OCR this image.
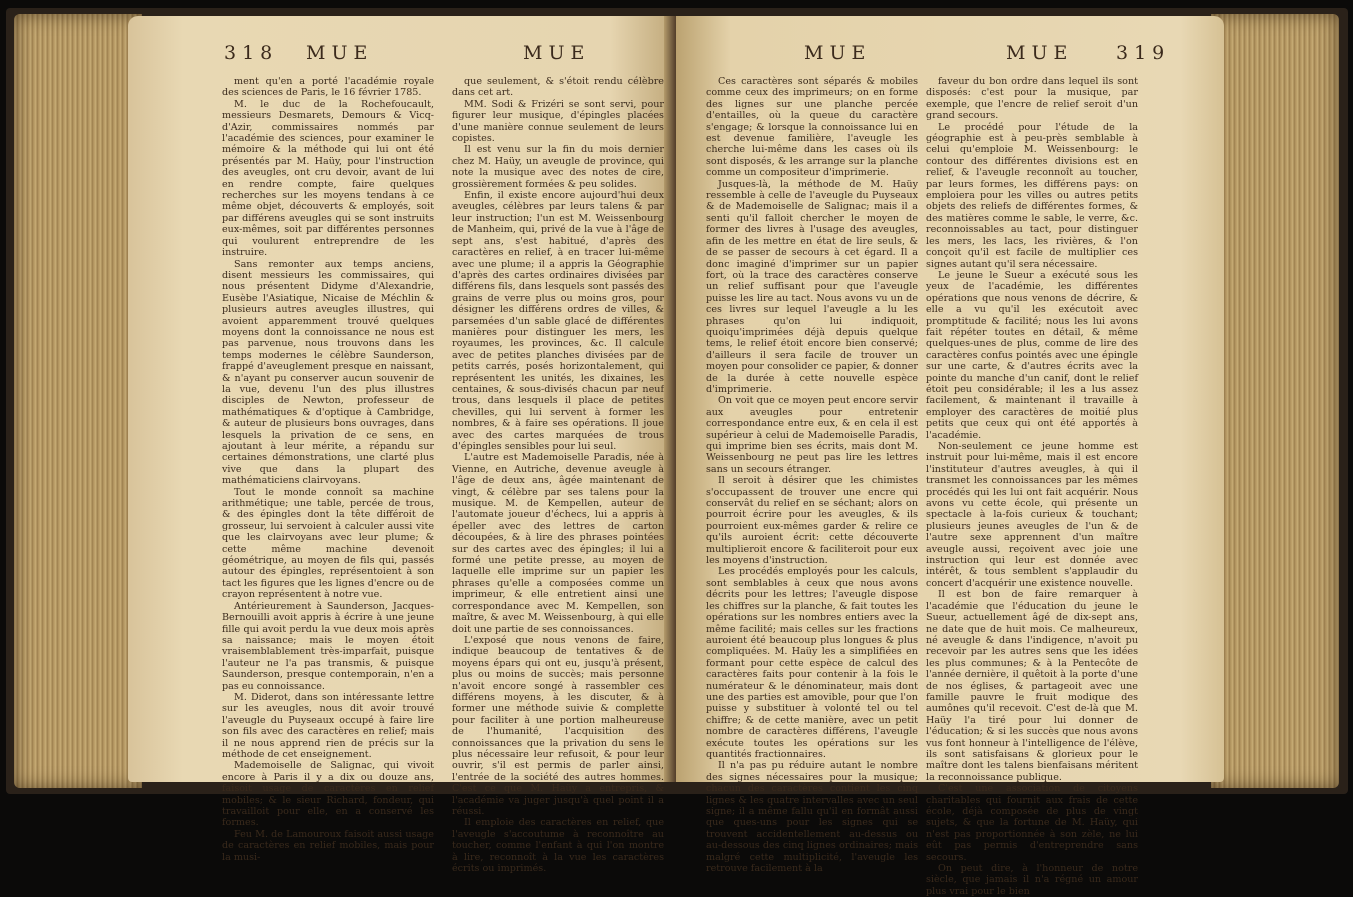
318 MUE	MUE

ment qu'en a porté l'académie royale des sciences de Paris, le 16 février 1785.

M. le duc de la Rochefoucault, messieurs Desmarets, Demours & Vicq-d'Azir, commissaires nommés par l'académie des sciences, pour examiner le mémoire & la méthode qui lui ont été présentés par M. Haüy, pour l'instruction des aveugles, ont cru devoir, avant de lui en rendre compte, faire quelques recherches sur les moyens tendans à ce même objet, découverts & employés, soit par différens aveugles qui se sont instruits eux-mêmes, soit par différentes personnes qui voulurent entreprendre de les instruire.

Sans remonter aux temps anciens, disent messieurs les commissaires, qui nous présentent Didyme d'Alexandrie, Eusèbe l'Asiatique, Nicaise de Méchlin & plusieurs autres aveugles illustres, qui avoient apparemment trouvé quelques moyens dont la connoissance ne nous est pas parvenue, nous trouvons dans les temps modernes le célèbre Saunderson, frappé d'aveuglement presque en naissant, & n'ayant pu conserver aucun souvenir de la vue, devenu l'un des plus illustres disciples de Newton, professeur de mathématiques & d'optique à Cambridge, & auteur de plusieurs bons ouvrages, dans lesquels la privation de ce sens, en ajoutant à leur mérite, a répandu sur certaines démonstrations, une clarté plus vive que dans la plupart des mathématiciens clairvoyans.

Tout le monde connoît sa machine arithmétique; une table, percée de trous, & des épingles dont la tête différoit de grosseur, lui servoient à calculer aussi vite que les clairvoyans avec leur plume; & cette même machine devenoit géométrique, au moyen de fils qui, passés autour des épingles, représentoient à son tact les figures que les lignes d'encre ou de crayon représentent à notre vue.

Antérieurement à Saunderson, Jacques-Bernouilli avoit appris à écrire à une jeune fille qui avoit perdu la vue deux mois après sa naissance; mais le moyen étoit vraisemblablement très-imparfait, puisque l'auteur ne l'a pas transmis, & puisque Saunderson, presque contemporain, n'en a pas eu connoissance.

M. Diderot, dans son intéressante lettre sur les aveugles, nous dit avoir trouvé l'aveugle du Puyseaux occupé à faire lire son fils avec des caractères en relief; mais il ne nous apprend rien de précis sur la méthode de cet enseignement.

Mademoiselle de Salignac, qui vivoit encore à Paris il y a dix ou douze ans, faisoit usage de caractères en relief mobiles; & le sieur Richard, fondeur, qui travailloit pour elle, en a conservé les formes.

Feu M. de Lamouroux faisoit aussi usage de caractères en relief mobiles, mais pour la musi-

que seulement, & s'étoit rendu célèbre dans cet art.

MM. Sodi & Frizéri se sont servi, pour figurer leur musique, d'épingles placées d'une manière connue seulement de leurs copistes.

Il est venu sur la fin du mois dernier chez M. Haüy, un aveugle de province, qui note la musique avec des notes de cire, grossièrement formées & peu solides.

Enfin, il existe encore aujourd'hui deux aveugles, célèbres par leurs talens & par leur instruction; l'un est M. Weissenbourg de Manheim, qui, privé de la vue à l'âge de sept ans, s'est habitué, d'après des caractères en relief, à en tracer lui-même avec une plume; il a appris la Géographie d'après des cartes ordinaires divisées par différens fils, dans lesquels sont passés des grains de verre plus ou moins gros, pour désigner les différens ordres de villes, & parsemées d'un sable glacé de différentes manières pour distinguer les mers, les royaumes, les provinces, &c. Il calcule avec de petites planches divisées par de petits carrés, posés horizontalement, qui représentent les unités, les dixaines, les centaines, & sous-divisés chacun par neuf trous, dans lesquels il place de petites chevilles, qui lui servent à former les nombres, & à faire ses opérations. Il joue avec des cartes marquées de trous d'épingles sensibles pour lui seul.

L'autre est Mademoiselle Paradis, née à Vienne, en Autriche, devenue aveugle à l'âge de deux ans, âgée maintenant de vingt, & célèbre par ses talens pour la musique. M. de Kempellen, auteur de l'automate joueur d'échecs, lui a appris à épeller avec des lettres de carton découpées, & à lire des phrases pointées sur des cartes avec des épingles; il lui a formé une petite presse, au moyen de laquelle elle imprime sur un papier les phrases qu'elle a composées comme un imprimeur, & elle entretient ainsi une correspondance avec M. Kempellen, son maître, & avec M. Weissenbourg, à qui elle doit une partie de ses connoissances.

L'exposé que nous venons de faire, indique beaucoup de tentatives & de moyens épars qui ont eu, jusqu'à présent, plus ou moins de succès; mais personne n'avoit encore songé à rassembler ces différens moyens, à les discuter, & à former une méthode suivie & complette pour faciliter à une portion malheureuse de l'humanité, l'acquisition des connoissances que la privation du sens le plus nécessaire leur refusoit, & pour leur ouvrir, s'il est permis de parler ainsi, l'entrée de la société des autres hommes. C'est ce que M. Haüy a entrepris, & l'académie va juger jusqu'à quel point il a réussi.

Il emploie des caractères en relief, que l'aveugle s'accoutume à reconnoître au toucher, comme l'enfant à qui l'on montre à lire, reconnoît à la vue les caractères écrits ou imprimés.

MUE	MUE 319

Ces caractères sont séparés & mobiles comme ceux des imprimeurs; on en forme des lignes sur une planche percée d'entailles, où la queue du caractère s'engage; & lorsque la connoissance lui en est devenue familière, l'aveugle les cherche lui-même dans les cases où ils sont disposés, & les arrange sur la planche comme un compositeur d'imprimerie.

Jusques-là, la méthode de M. Haüy ressemble à celle de l'aveugle du Puyseaux & de Mademoiselle de Salignac; mais il a senti qu'il falloit chercher le moyen de former des livres à l'usage des aveugles, afin de les mettre en état de lire seuls, & de se passer de secours à cet égard. Il a donc imaginé d'imprimer sur un papier fort, où la trace des caractères conserve un relief suffisant pour que l'aveugle puisse les lire au tact. Nous avons vu un de ces livres sur lequel l'aveugle a lu les phrases qu'on lui indiquoit, quoiqu'imprimées déjà depuis quelque tems, le relief étoit encore bien conservé; d'ailleurs il sera facile de trouver un moyen pour consolider ce papier, & donner de la durée à cette nouvelle espèce d'imprimerie.

On voit que ce moyen peut encore servir aux aveugles pour entretenir correspondance entre eux, & en cela il est supérieur à celui de Mademoiselle Paradis, qui imprime bien ses écrits, mais dont M. Weissenbourg ne peut pas lire les lettres sans un secours étranger.

Il seroit à désirer que les chimistes s'occupassent de trouver une encre qui conservât du relief en se séchant; alors on pourroit écrire pour les aveugles, & ils pourroient eux-mêmes garder & relire ce qu'ils auroient écrit: cette découverte multiplieroit encore & faciliteroit pour eux les moyens d'instruction.

Les procédés employés pour les calculs, sont semblables à ceux que nous avons décrits pour les lettres; l'aveugle dispose les chiffres sur la planche, & fait toutes les opérations sur les nombres entiers avec la même facilité; mais celles sur les fractions auroient été beaucoup plus longues & plus compliquées. M. Haüy les a simplifiées en formant pour cette espèce de calcul des caractères faits pour contenir à la fois le numérateur & le dénominateur, mais dont une des parties est amovible, pour que l'on puisse y substituer à volonté tel ou tel chiffre; & de cette manière, avec un petit nombre de caractères différens, l'aveugle exécute toutes les opérations sur les quantités fractionnaires.

Il n'a pas pu réduire autant le nombre des signes nécessaires pour la musique; chacun des caractères contient les cinq lignes & les quatre intervalles avec un seul signe; il a même fallu qu'il en formât aussi que ques-uns pour les signes qui se trouvent accidentellement au-dessus ou au-dessous des cinq lignes ordinaires; mais malgré cette multiplicité, l'aveugle les retrouve facilement à la

faveur du bon ordre dans lequel ils sont disposés: c'est pour la musique, par exemple, que l'encre de relief seroit d'un grand secours.

Le procédé pour l'étude de la géographie est à peu-près semblable à celui qu'emploie M. Weissenbourg: le contour des différentes divisions est en relief, & l'aveugle reconnoît au toucher, par leurs formes, les différens pays: on emploiera pour les villes ou autres petits objets des reliefs de différentes formes, & des matières comme le sable, le verre, &c. reconnoissables au tact, pour distinguer les mers, les lacs, les rivières, & l'on conçoit qu'il est facile de multiplier ces signes autant qu'il sera nécessaire.

Le jeune le Sueur a exécuté sous les yeux de l'académie, les différentes opérations que nous venons de décrire, & elle a vu qu'il les exécutoit avec promptitude & facilité; nous les lui avons fait répéter toutes en détail, & même quelques-unes de plus, comme de lire des caractères confus pointés avec une épingle sur une carte, & d'autres écrits avec la pointe du manche d'un canif, dont le relief étoit peu considérable; il les a lus assez facilement, & maintenant il travaille à employer des caractères de moitié plus petits que ceux qui ont été apportés à l'académie.

Non-seulement ce jeune homme est instruit pour lui-même, mais il est encore l'instituteur d'autres aveugles, à qui il transmet les connoissances par les mêmes procédés qui les lui ont fait acquérir. Nous avons vu cette école, qui présente un spectacle à la-fois curieux & touchant; plusieurs jeunes aveugles de l'un & de l'autre sexe apprennent d'un maître aveugle aussi, reçoivent avec joie une instruction qui leur est donnée avec intérêt, & tous semblent s'applaudir du concert d'acquérir une existence nouvelle.

Il est bon de faire remarquer à l'académie que l'éducation du jeune le Sueur, actuellement âgé de dix-sept ans, ne date que de huit mois. Ce malheureux, né aveugle & dans l'indigence, n'avoit pu recevoir par les autres sens que les idées les plus communes; & à la Pentecôte de l'année dernière, il quêtoit à la porte d'une de nos églises, & partageoit avec une famille pauvre le fruit modique des aumônes qu'il recevoit. C'est de-là que M. Haüy l'a tiré pour lui donner de l'éducation; & si les succès que nous avons vus font honneur à l'intelligence de l'élève, ils sont satisfaisans & glorieux pour le maître dont les talens bienfaisans méritent la reconnoissance publique.

C'est une association de citoyens charitables qui fournit aux frais de cette école, déjà composée de plus de vingt sujets, & que la fortune de M. Haüy, qui n'est pas proportionnée à son zèle, ne lui eût pas permis d'entreprendre sans secours.

On peut dire, à l'honneur de notre siècle, que jamais il n'a régné un amour plus vrai pour le bien
